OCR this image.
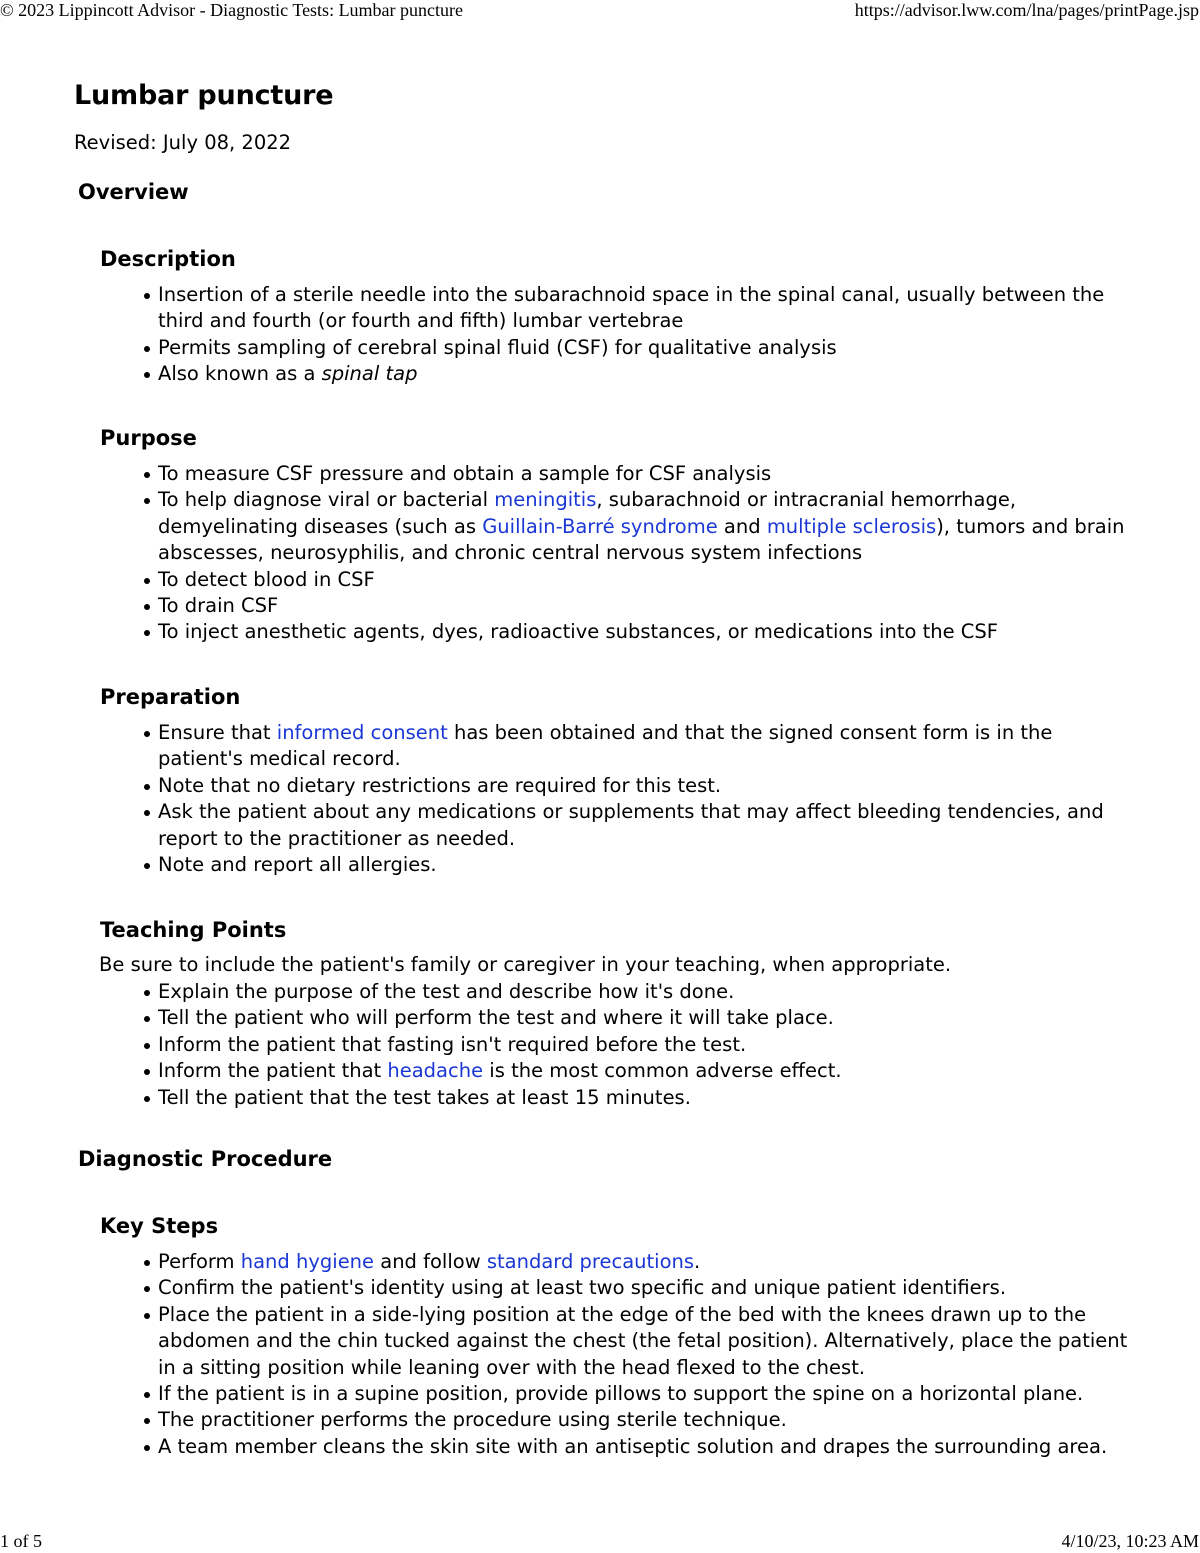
© 2023 Lippincott Advisor - Diagnostic Tests: Lumbar puncture	https://advisor.lww.com/lna/pages/printPage.jsp
Lumbar puncture
Revised: July 08, 2022
Overview
Description
Insertion of a sterile needle into the subarachnoid space in the spinal canal, usually between the third and fourth (or fourth and fifth) lumbar vertebrae
Permits sampling of cerebral spinal fluid (CSF) for qualitative analysis
Also known as a spinal tap
Purpose
To measure CSF pressure and obtain a sample for CSF analysis
To help diagnose viral or bacterial meningitis, subarachnoid or intracranial hemorrhage, demyelinating diseases (such as Guillain-Barré syndrome and multiple sclerosis), tumors and brain abscesses, neurosyphilis, and chronic central nervous system infections
To detect blood in CSF
To drain CSF
To inject anesthetic agents, dyes, radioactive substances, or medications into the CSF
Preparation
Ensure that informed consent has been obtained and that the signed consent form is in the patient's medical record.
Note that no dietary restrictions are required for this test.
Ask the patient about any medications or supplements that may affect bleeding tendencies, and report to the practitioner as needed.
Note and report all allergies.
Teaching Points
Be sure to include the patient's family or caregiver in your teaching, when appropriate.
Explain the purpose of the test and describe how it's done.
Tell the patient who will perform the test and where it will take place.
Inform the patient that fasting isn't required before the test.
Inform the patient that headache is the most common adverse effect.
Tell the patient that the test takes at least 15 minutes.
Diagnostic Procedure
Key Steps
Perform hand hygiene and follow standard precautions.
Confirm the patient's identity using at least two specific and unique patient identifiers.
Place the patient in a side-lying position at the edge of the bed with the knees drawn up to the abdomen and the chin tucked against the chest (the fetal position). Alternatively, place the patient in a sitting position while leaning over with the head flexed to the chest.
If the patient is in a supine position, provide pillows to support the spine on a horizontal plane.
The practitioner performs the procedure using sterile technique.
A team member cleans the skin site with an antiseptic solution and drapes the surrounding area.
1 of 5	4/10/23, 10:23 AM
